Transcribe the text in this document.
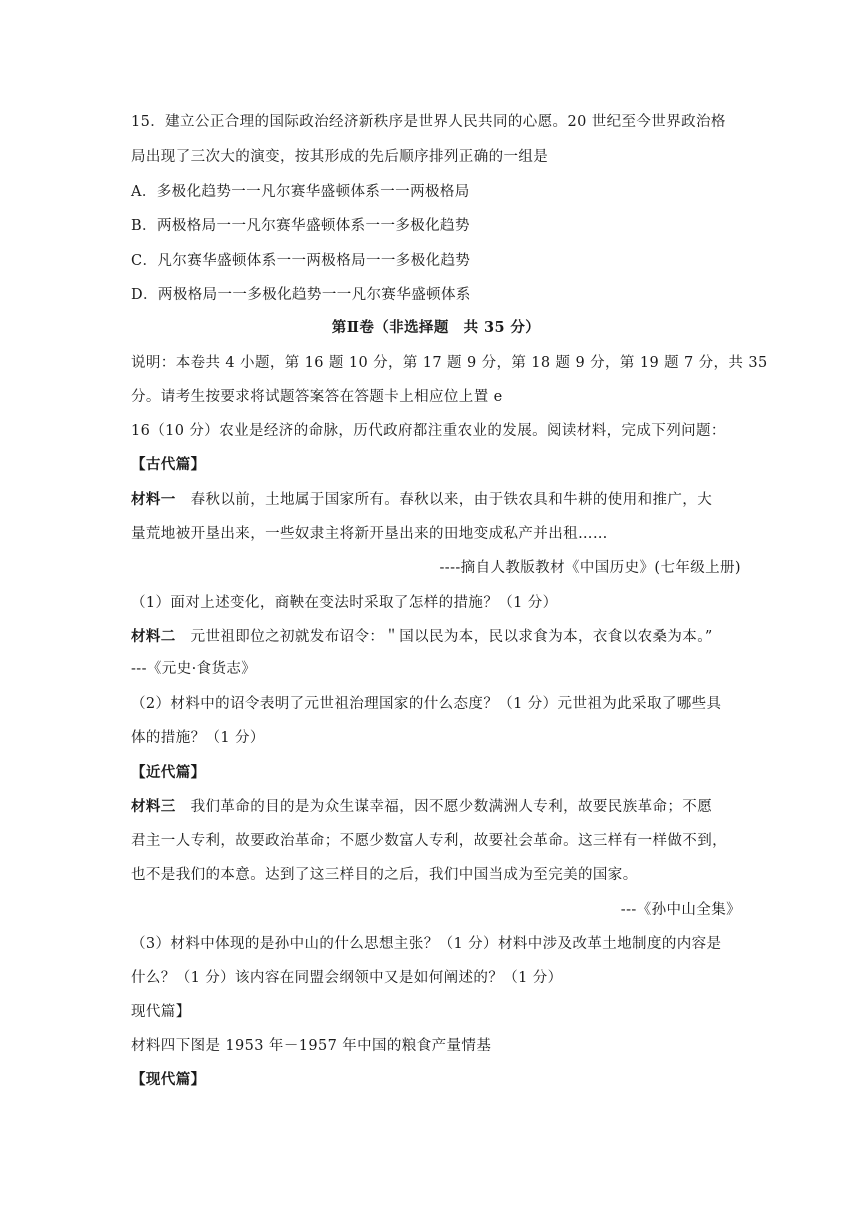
15．建立公正合理的国际政治经济新秩序是世界人民共同的心愿。20 世纪至今世界政治格
局出现了三次大的演变，按其形成的先后顺序排列正确的一组是
A．多极化趋势一一凡尔赛华盛顿体系一一两极格局
B．两极格局一一凡尔赛华盛顿体系一一多极化趋势
C．凡尔赛华盛顿体系一一两极格局一一多极化趋势
D．两极格局一一多极化趋势一一凡尔赛华盛顿体系
第Ⅱ卷（非选择题　共 35 分）
说明：本卷共 4 小题，第 16 题 10 分，第 17 题 9 分，第 18 题 9 分，第 19 题 7 分，共 35
分。请考生按要求将试题答案答在答题卡上相应位上置 e
16（10 分）农业是经济的命脉，历代政府都注重农业的发展。阅读材料，完成下列问题：
【古代篇】
材料一　春秋以前，土地属于国家所有。春秋以来，由于铁农具和牛耕的使用和推广，大
量荒地被开垦出来，一些奴隶主将新开垦出来的田地变成私产并出租……
----摘自人教版教材《中国历史》(七年级上册)
（1）面对上述变化，商鞅在变法时采取了怎样的措施？（1 分）
材料二　元世祖即位之初就发布诏令：＂国以民为本，民以求食为本，衣食以农桑为本。”
---《元史·食货志》
（2）材料中的诏令表明了元世祖治理国家的什么态度？（1 分）元世祖为此采取了哪些具
体的措施？（1 分）
【近代篇】
材料三　我们革命的目的是为众生谋幸福，因不愿少数满洲人专利，故要民族革命；不愿
君主一人专利，故要政治革命；不愿少数富人专利，故要社会革命。这三样有一样做不到，
也不是我们的本意。达到了这三样目的之后，我们中国当成为至完美的国家。
---《孙中山全集》
（3）材料中体现的是孙中山的什么思想主张？（1 分）材料中涉及改革土地制度的内容是
什么？（1 分）该内容在同盟会纲领中又是如何阐述的？（1 分）
现代篇】
材料四下图是 1953 年－1957 年中国的粮食产量情基
【现代篇】
